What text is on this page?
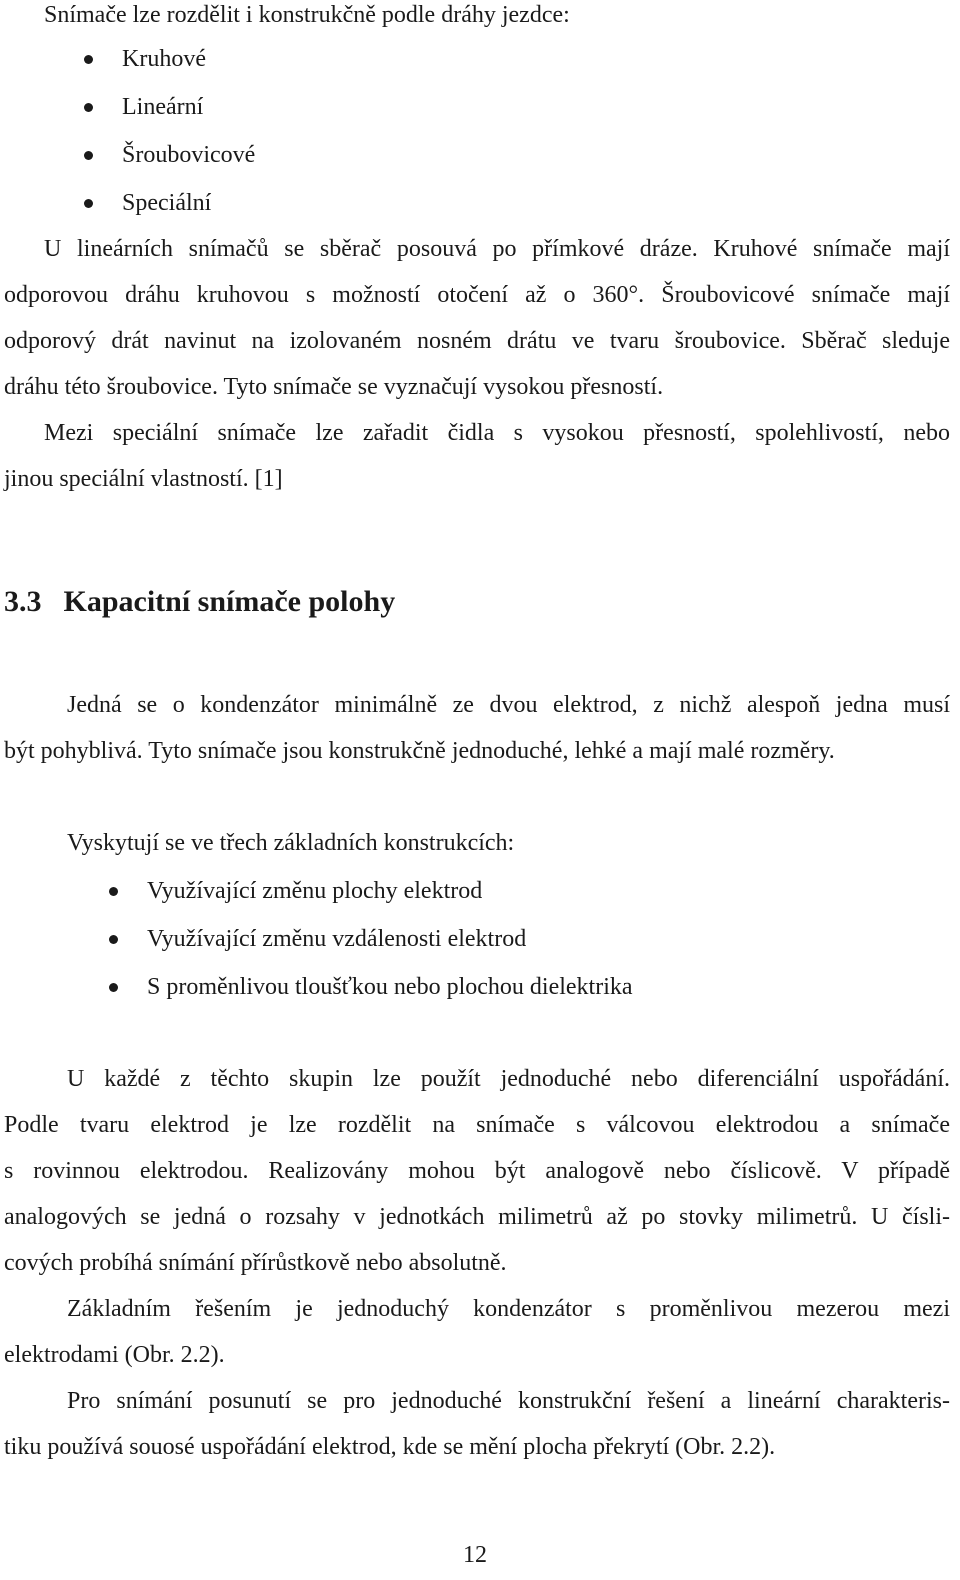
Snímače lze rozdělit i konstrukčně podle dráhy jezdce:
Kruhové
Lineární
Šroubovicové
Speciální
U lineárních snímačů se sběrač posouvá po přímkové dráze. Kruhové snímače mají
odporovou dráhu kruhovou s možností otočení až o 360°. Šroubovicové snímače mají
odporový drát navinut na izolovaném nosném drátu ve tvaru šroubovice. Sběrač sleduje
dráhu této šroubovice. Tyto snímače se vyznačují vysokou přesností.
Mezi speciální snímače lze zařadit čidla s vysokou přesností, spolehlivostí, nebo
jinou speciální vlastností. [1]
3.3 Kapacitní snímače polohy
Jedná se o kondenzátor minimálně ze dvou elektrod, z nichž alespoň jedna musí
být pohyblivá. Tyto snímače jsou konstrukčně jednoduché, lehké a mají malé rozměry.
Vyskytují se ve třech základních konstrukcích:
Využívající změnu plochy elektrod
Využívající změnu vzdálenosti elektrod
S proměnlivou tloušťkou nebo plochou dielektrika
U každé z těchto skupin lze použít jednoduché nebo diferenciální uspořádání.
Podle tvaru elektrod je lze rozdělit na snímače s válcovou elektrodou a snímače
s rovinnou elektrodou. Realizovány mohou být analogově nebo číslicově. V případě
analogových se jedná o rozsahy v jednotkách milimetrů až po stovky milimetrů. U čísli-
cových probíhá snímání přírůstkově nebo absolutně.
Základním řešením je jednoduchý kondenzátor s proměnlivou mezerou mezi
elektrodami (Obr. 2.2).
Pro snímání posunutí se pro jednoduché konstrukční řešení a lineární charakteris-
tiku používá souosé uspořádání elektrod, kde se mění plocha překrytí (Obr. 2.2).
12
